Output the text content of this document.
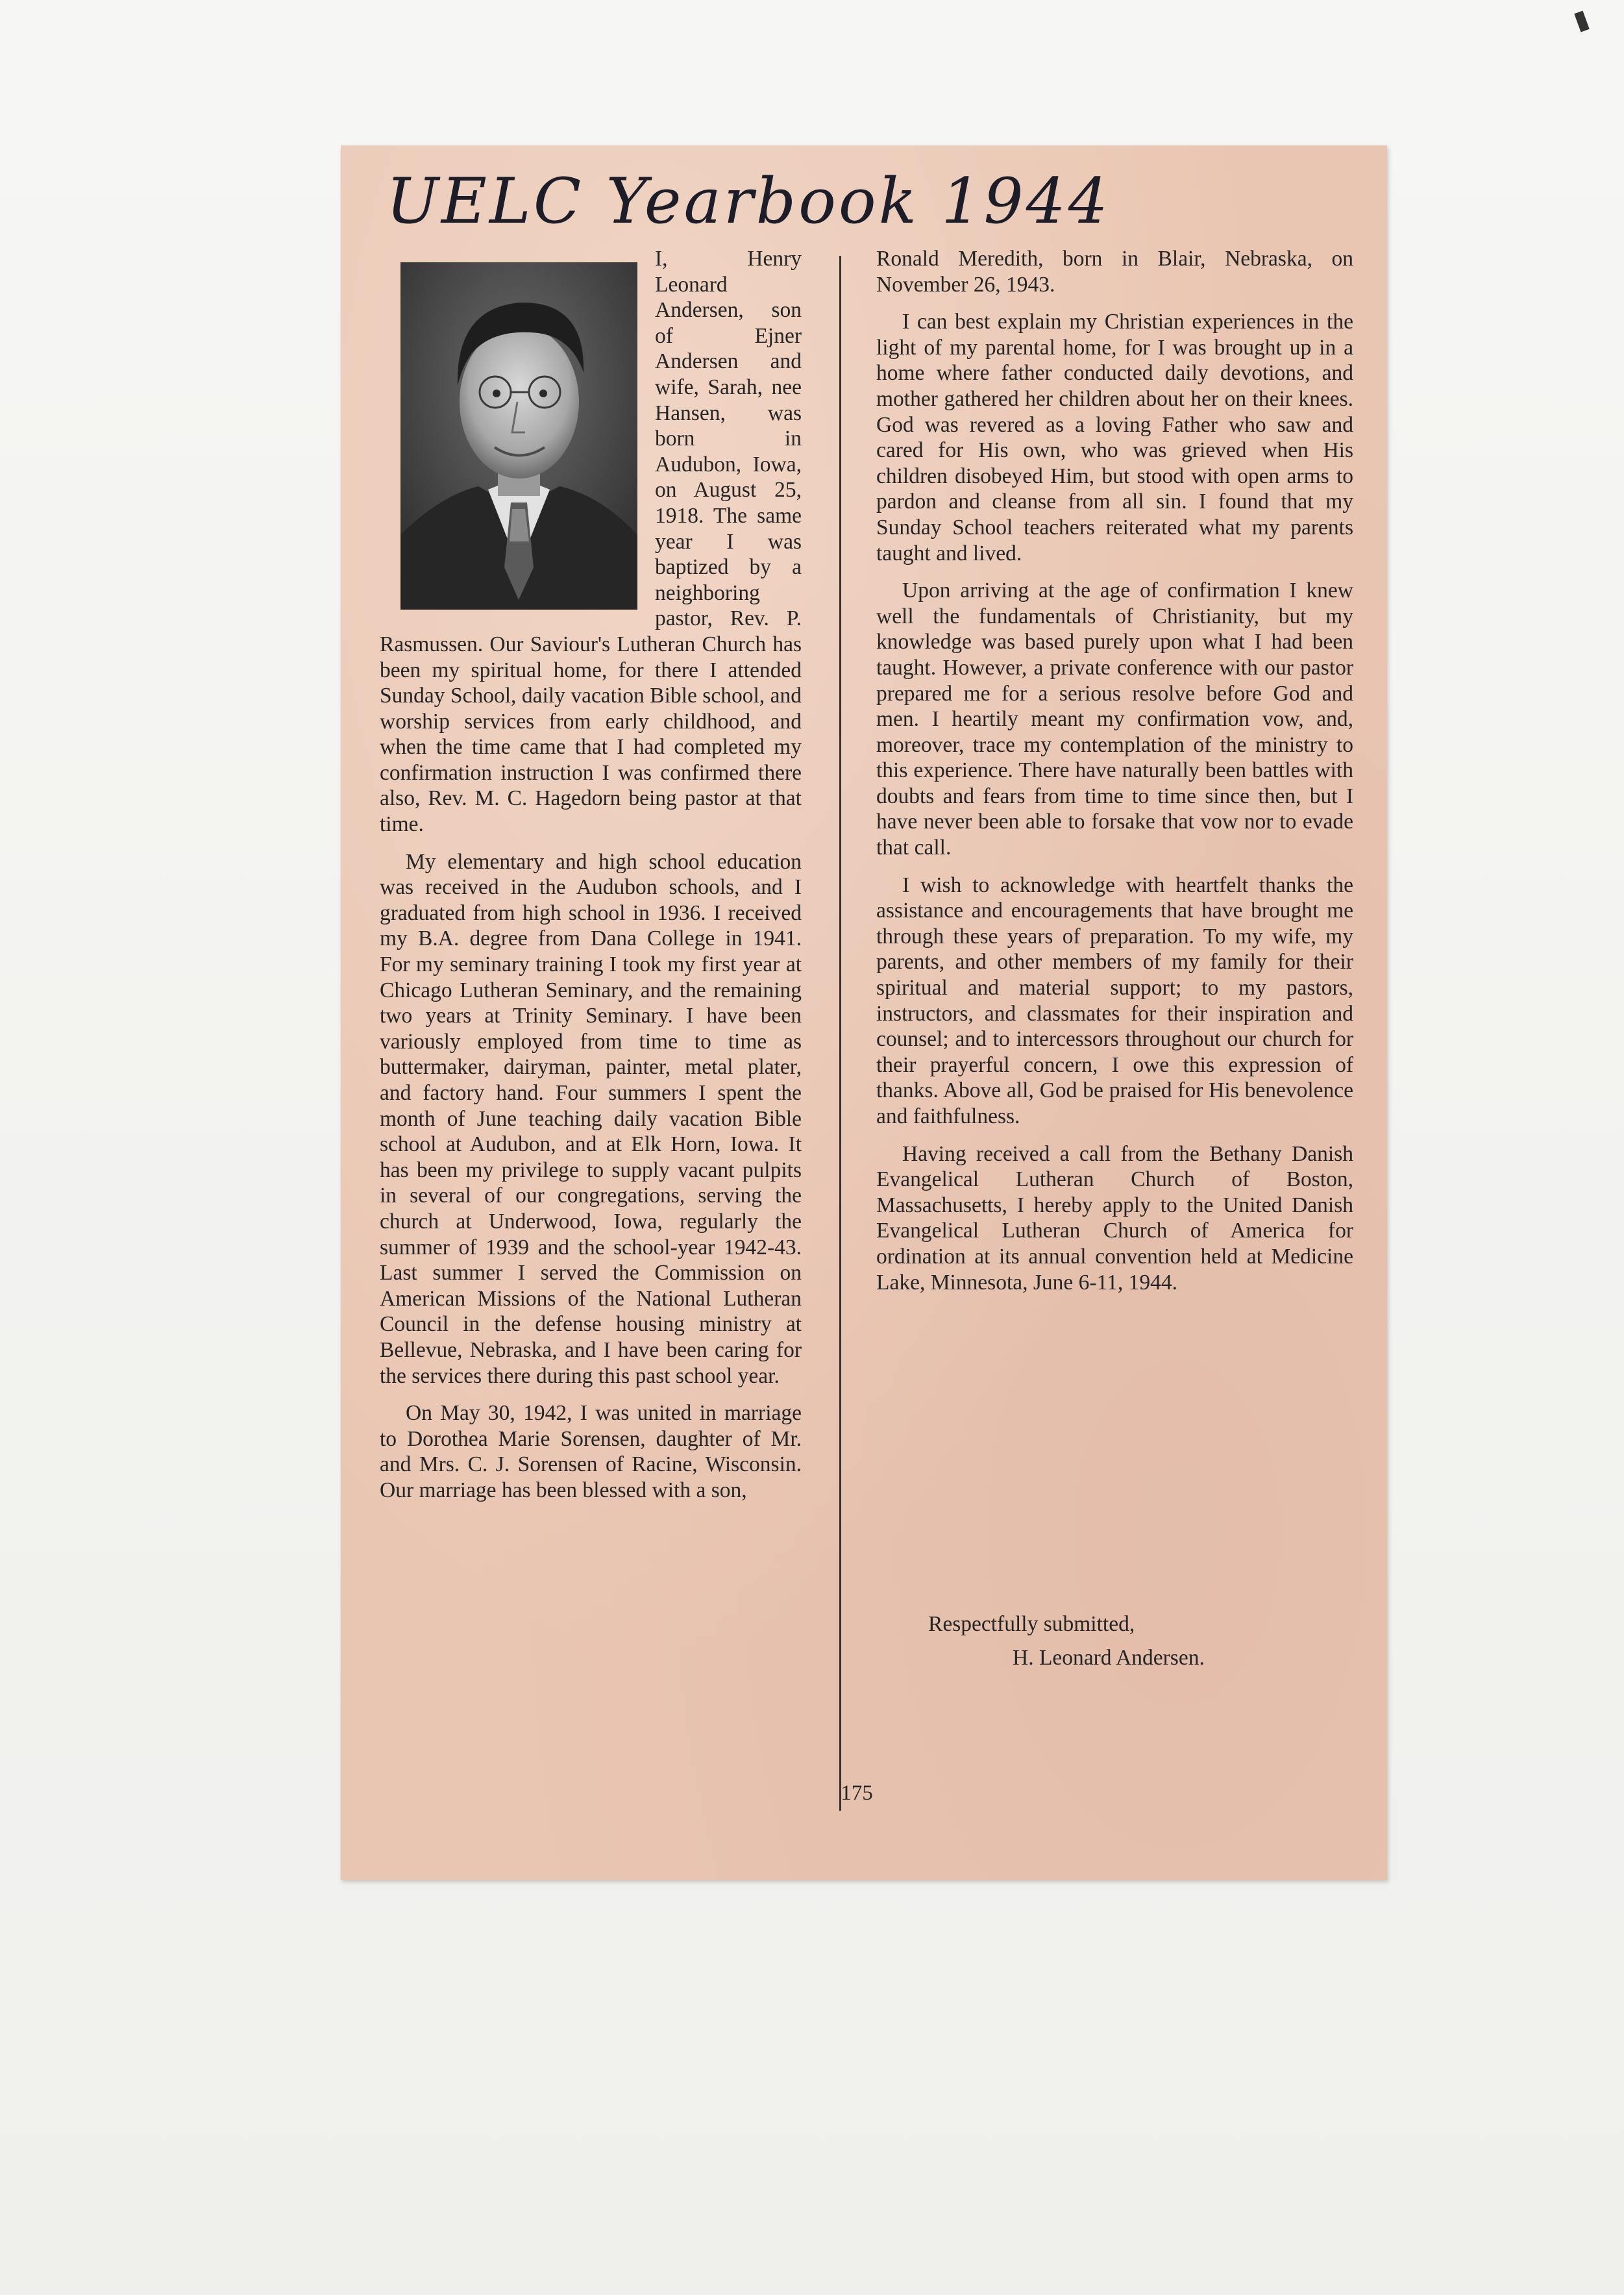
UELC Yearbook 1944

I, Henry Leonard Andersen, son of Ejner Andersen and wife, Sarah, nee Hansen, was born in Audubon, Iowa, on August 25, 1918. The same year I was baptized by a neighboring pastor, Rev. P. Rasmussen. Our Saviour's Lutheran Church has been my spiritual home, for there I attended Sunday School, daily vacation Bible school, and worship services from early childhood, and when the time came that I had completed my confirmation instruction I was confirmed there also, Rev. M. C. Hagedorn being pastor at that time.

My elementary and high school education was received in the Audubon schools, and I graduated from high school in 1936. I received my B.A. degree from Dana College in 1941. For my seminary training I took my first year at Chicago Lutheran Seminary, and the remaining two years at Trinity Seminary. I have been variously employed from time to time as buttermaker, dairyman, painter, metal plater, and factory hand. Four summers I spent the month of June teaching daily vacation Bible school at Audubon, and at Elk Horn, Iowa. It has been my privilege to supply vacant pulpits in several of our congregations, serving the church at Underwood, Iowa, regularly the summer of 1939 and the school-year 1942-43. Last summer I served the Commission on American Missions of the National Lutheran Council in the defense housing ministry at Bellevue, Nebraska, and I have been caring for the services there during this past school year.

On May 30, 1942, I was united in marriage to Dorothea Marie Sorensen, daughter of Mr. and Mrs. C. J. Sorensen of Racine, Wisconsin. Our marriage has been blessed with a son,

Ronald Meredith, born in Blair, Nebraska, on November 26, 1943.

I can best explain my Christian experiences in the light of my parental home, for I was brought up in a home where father conducted daily devotions, and mother gathered her children about her on their knees. God was revered as a loving Father who saw and cared for His own, who was grieved when His children disobeyed Him, but stood with open arms to pardon and cleanse from all sin. I found that my Sunday School teachers reiterated what my parents taught and lived.

Upon arriving at the age of confirmation I knew well the fundamentals of Christianity, but my knowledge was based purely upon what I had been taught. However, a private conference with our pastor prepared me for a serious resolve before God and men. I heartily meant my confirmation vow, and, moreover, trace my contemplation of the ministry to this experience. There have naturally been battles with doubts and fears from time to time since then, but I have never been able to forsake that vow nor to evade that call.

I wish to acknowledge with heartfelt thanks the assistance and encouragements that have brought me through these years of preparation. To my wife, my parents, and other members of my family for their spiritual and material support; to my pastors, instructors, and classmates for their inspiration and counsel; and to intercessors throughout our church for their prayerful concern, I owe this expression of thanks. Above all, God be praised for His benevolence and faithfulness.

Having received a call from the Bethany Danish Evangelical Lutheran Church of Boston, Massachusetts, I hereby apply to the United Danish Evangelical Lutheran Church of America for ordination at its annual convention held at Medicine Lake, Minnesota, June 6-11, 1944.

Respectfully submitted,
H. Leonard Andersen.
175
